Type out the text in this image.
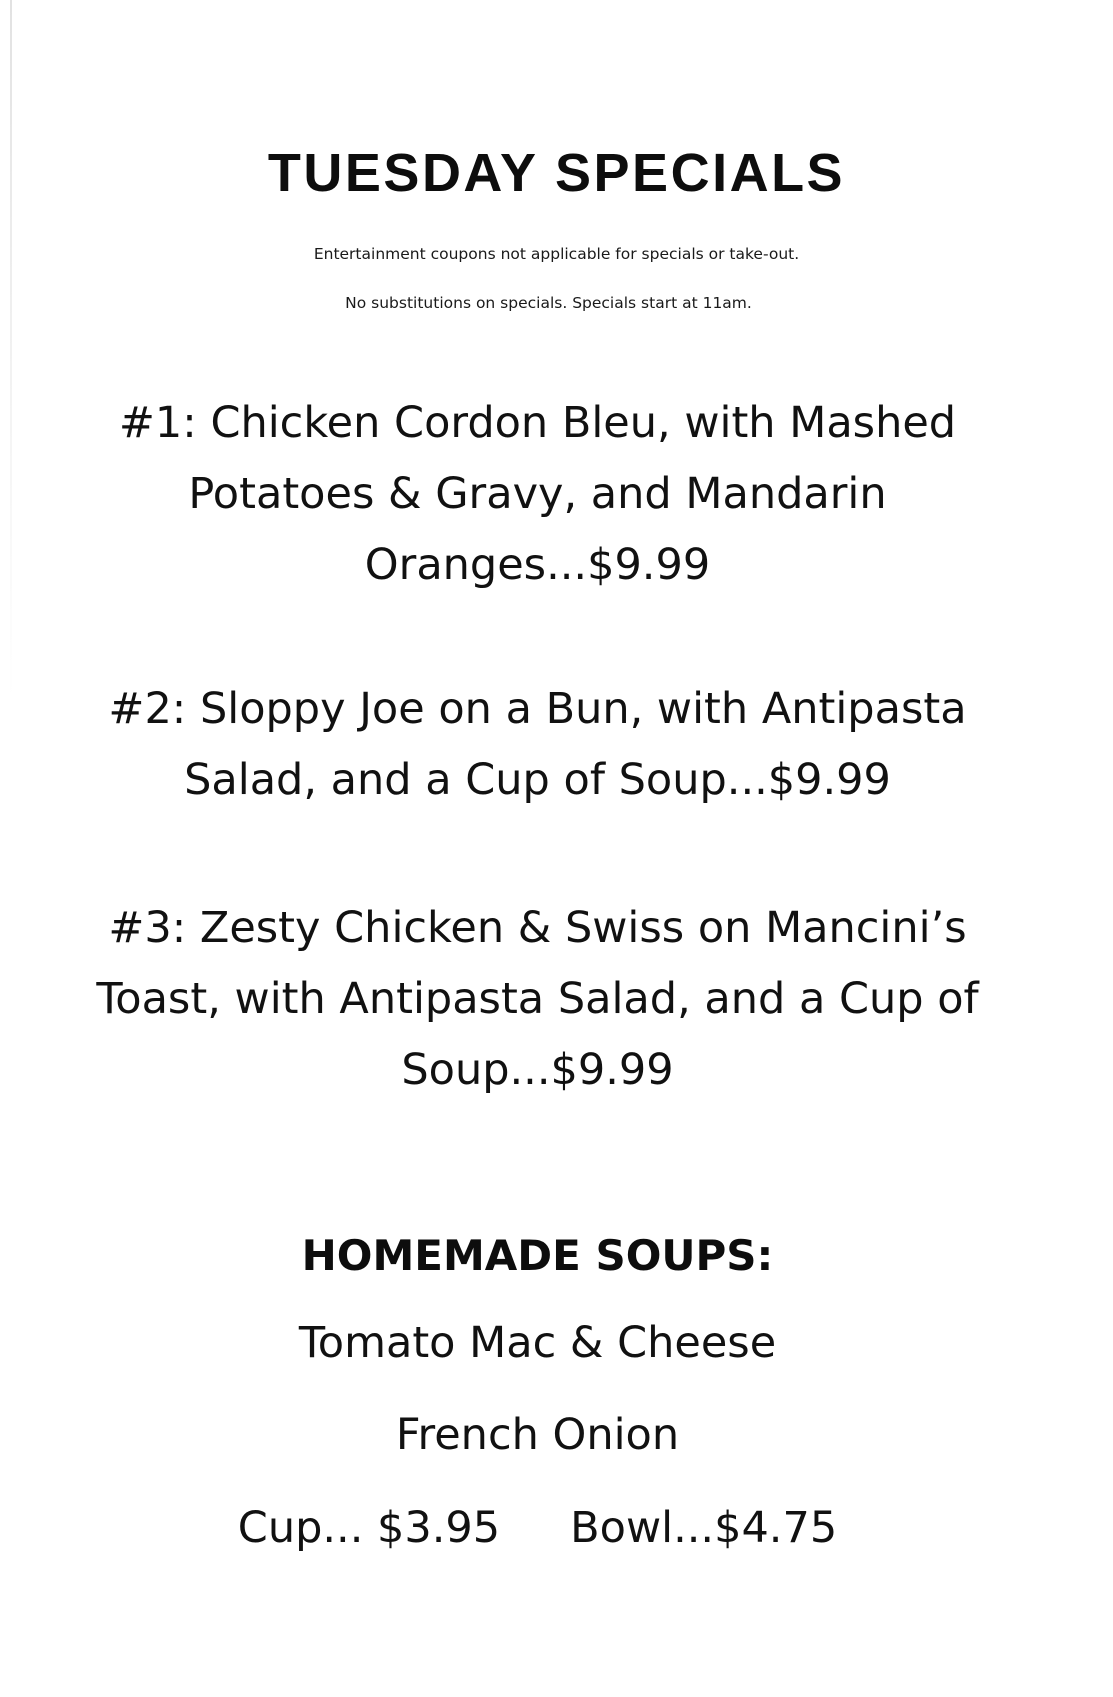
TUESDAY SPECIALS
Entertainment coupons not applicable for specials or take-out.
No substitutions on specials. Specials start at 11am.
#1: Chicken Cordon Bleu, with Mashed Potatoes & Gravy, and Mandarin Oranges...$9.99
#2: Sloppy Joe on a Bun, with Antipasta Salad, and a Cup of Soup...$9.99
#3: Zesty Chicken & Swiss on Mancini’s Toast, with Antipasta Salad, and a Cup of Soup...$9.99
HOMEMADE SOUPS:
Tomato Mac & Cheese
French Onion
Cup... $3.95 Bowl...$4.75
